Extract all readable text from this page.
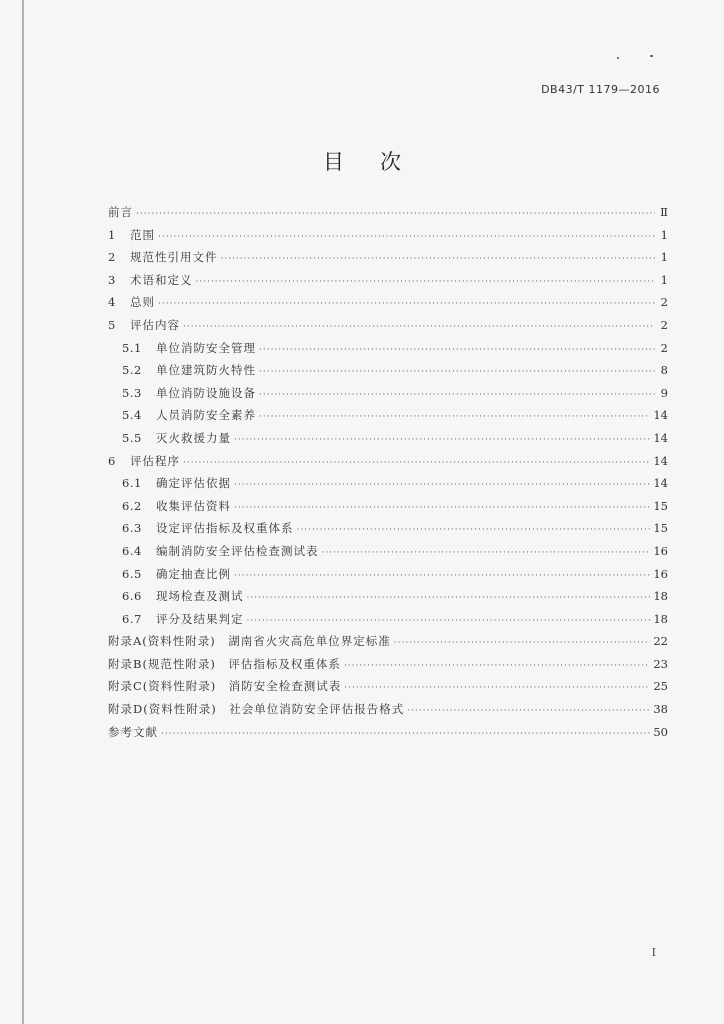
DB43/T 1179—2016
目次
前言 ·····	Ⅱ
1	范围 ·····	1
2	规范性引用文件 ·····	1
3	术语和定义 ·····	1
4	总则 ·····	2
5	评估内容 ·····	2
5.1	单位消防安全管理 ·····	2
5.2	单位建筑防火特性 ·····	8
5.3	单位消防设施设备 ·····	9
5.4	人员消防安全素养 ·····	14
5.5	灭火救援力量 ·····	14
6	评估程序 ·····	14
6.1	确定评估依据 ·····	14
6.2	收集评估资料 ·····	15
6.3	设定评估指标及权重体系 ·····	15
6.4	编制消防安全评估检查测试表 ·····	16
6.5	确定抽查比例 ·····	16
6.6	现场检查及测试 ·····	18
6.7	评分及结果判定 ·····	18
附录A(资料性附录)　湖南省火灾高危单位界定标准 ·····	22
附录B(规范性附录)　评估指标及权重体系 ·····	23
附录C(资料性附录)　消防安全检查测试表 ·····	25
附录D(资料性附录)　社会单位消防安全评估报告格式 ·····	38
参考文献 ·····	50
I
